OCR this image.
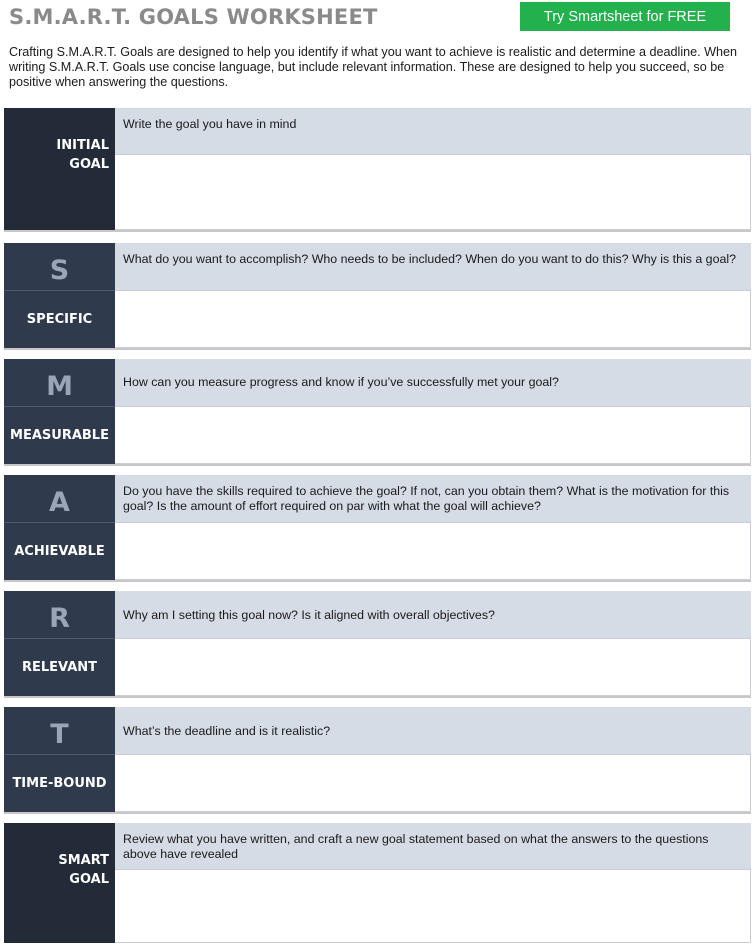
S.M.A.R.T. GOALS WORKSHEET	Try Smartsheet for FREE

Crafting S.M.A.R.T. Goals are designed to help you identify if what you want to achieve is realistic and determine a deadline. When writing S.M.A.R.T. Goals use concise language, but include relevant information. These are designed to help you succeed, so be positive when answering the questions.

INITIAL
GOAL
Write the goal you have in mind
S
SPECIFIC
What do you want to accomplish? Who needs to be included? When do you want to do this? Why is this a goal?
M
MEASURABLE
How can you measure progress and know if you’ve successfully met your goal?
A
ACHIEVABLE
Do you have the skills required to achieve the goal? If not, can you obtain them? What is the motivation for this goal? Is the amount of effort required on par with what the goal will achieve?
R
RELEVANT
Why am I setting this goal now? Is it aligned with overall objectives?
T
TIME-BOUND
What’s the deadline and is it realistic?
SMART
GOAL
Review what you have written, and craft a new goal statement based on what the answers to the questions above have revealed
